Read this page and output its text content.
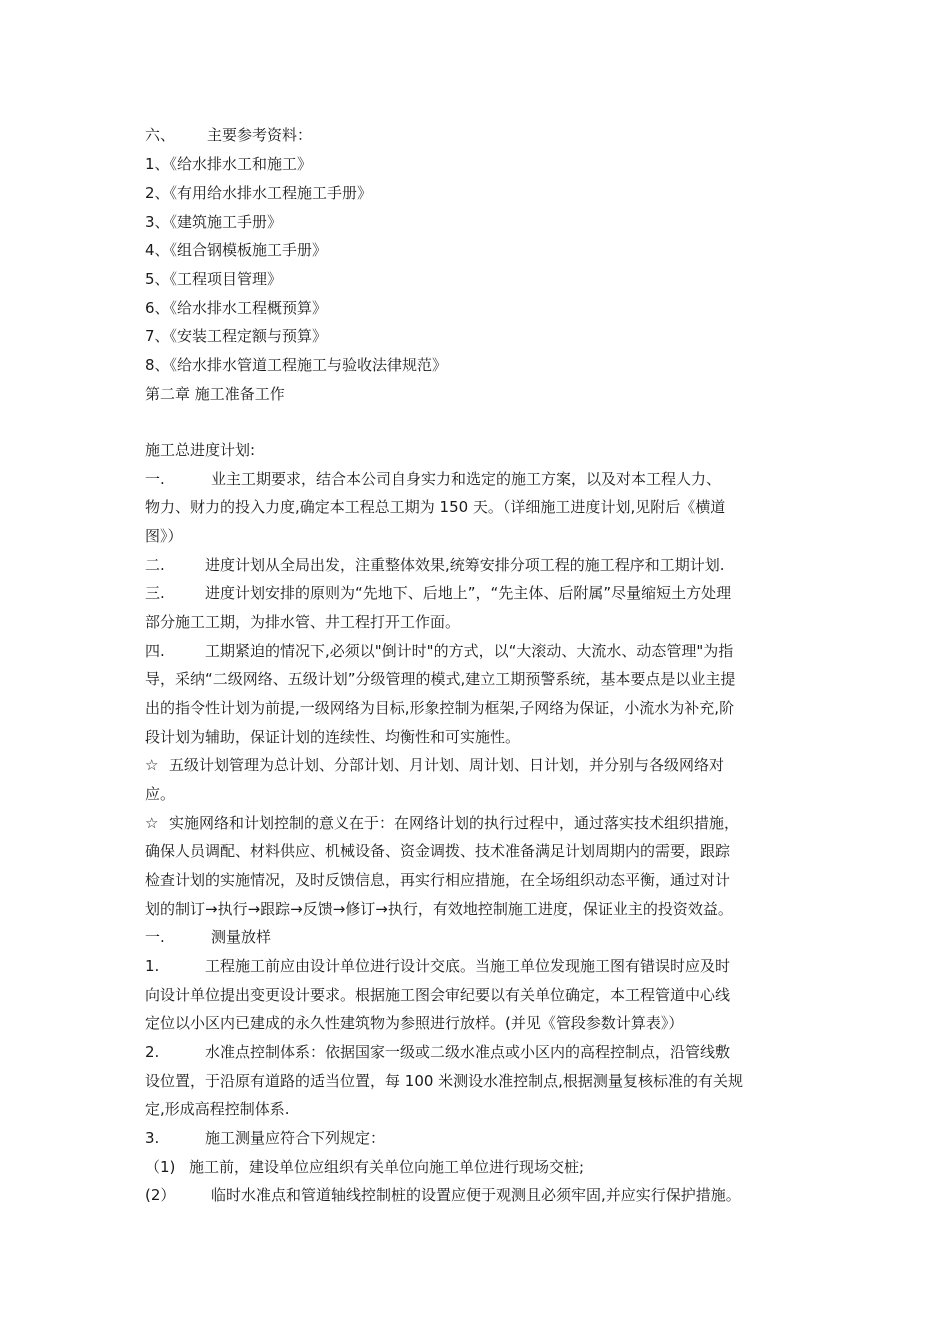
六、 主要参考资料：
1、《给水排水工和施工》
2、《有用给水排水工程施工手册》
3、《建筑施工手册》
4、《组合钢模板施工手册》
5、《工程项目管理》
6、《给水排水工程概预算》
7、《安装工程定额与预算》
8、《给水排水管道工程施工与验收法律规范》
第二章 施工准备工作
施工总进度计划:
一.	业主工期要求，结合本公司自身实力和选定的施工方案，以及对本工程人力、
物力、财力的投入力度,确定本工程总工期为 150 天。（详细施工进度计划,见附后《横道
图》）
二.	进度计划从全局出发，注重整体效果,统筹安排分项工程的施工程序和工期计划.
三.	进度计划安排的原则为“先地下、后地上”，“先主体、后附属”尽量缩短土方处理
部分施工工期，为排水管、井工程打开工作面。
四.	工期紧迫的情况下,必须以"倒计时"的方式，以“大滚动、大流水、动态管理"为指
导，采纳“二级网络、五级计划”分级管理的模式,建立工期预警系统，基本要点是以业主提
出的指令性计划为前提,一级网络为目标,形象控制为框架,子网络为保证，小流水为补充,阶
段计划为辅助，保证计划的连续性、均衡性和可实施性。
☆ 五级计划管理为总计划、分部计划、月计划、周计划、日计划，并分别与各级网络对
应。
☆ 实施网络和计划控制的意义在于：在网络计划的执行过程中，通过落实技术组织措施，
确保人员调配、材料供应、机械设备、资金调拨、技术准备满足计划周期内的需要，跟踪
检查计划的实施情况，及时反馈信息，再实行相应措施，在全场组织动态平衡，通过对计
划的制订→执行→跟踪→反馈→修订→执行，有效地控制施工进度，保证业主的投资效益。
一.	测量放样
1.	工程施工前应由设计单位进行设计交底。当施工单位发现施工图有错误时应及时
向设计单位提出变更设计要求。根据施工图会审纪要以有关单位确定，本工程管道中心线
定位以小区内已建成的永久性建筑物为参照进行放样。(并见《管段参数计算表》）
2.	水准点控制体系：依据国家一级或二级水准点或小区内的高程控制点，沿管线敷
设位置，于沿原有道路的适当位置，每 100 米测设水准控制点,根据测量复核标准的有关规
定,形成高程控制体系.
3.	施工测量应符合下列规定：
（1) 施工前，建设单位应组织有关单位向施工单位进行现场交桩;
(2） 临时水准点和管道轴线控制桩的设置应便于观测且必须牢固,并应实行保护措施。
